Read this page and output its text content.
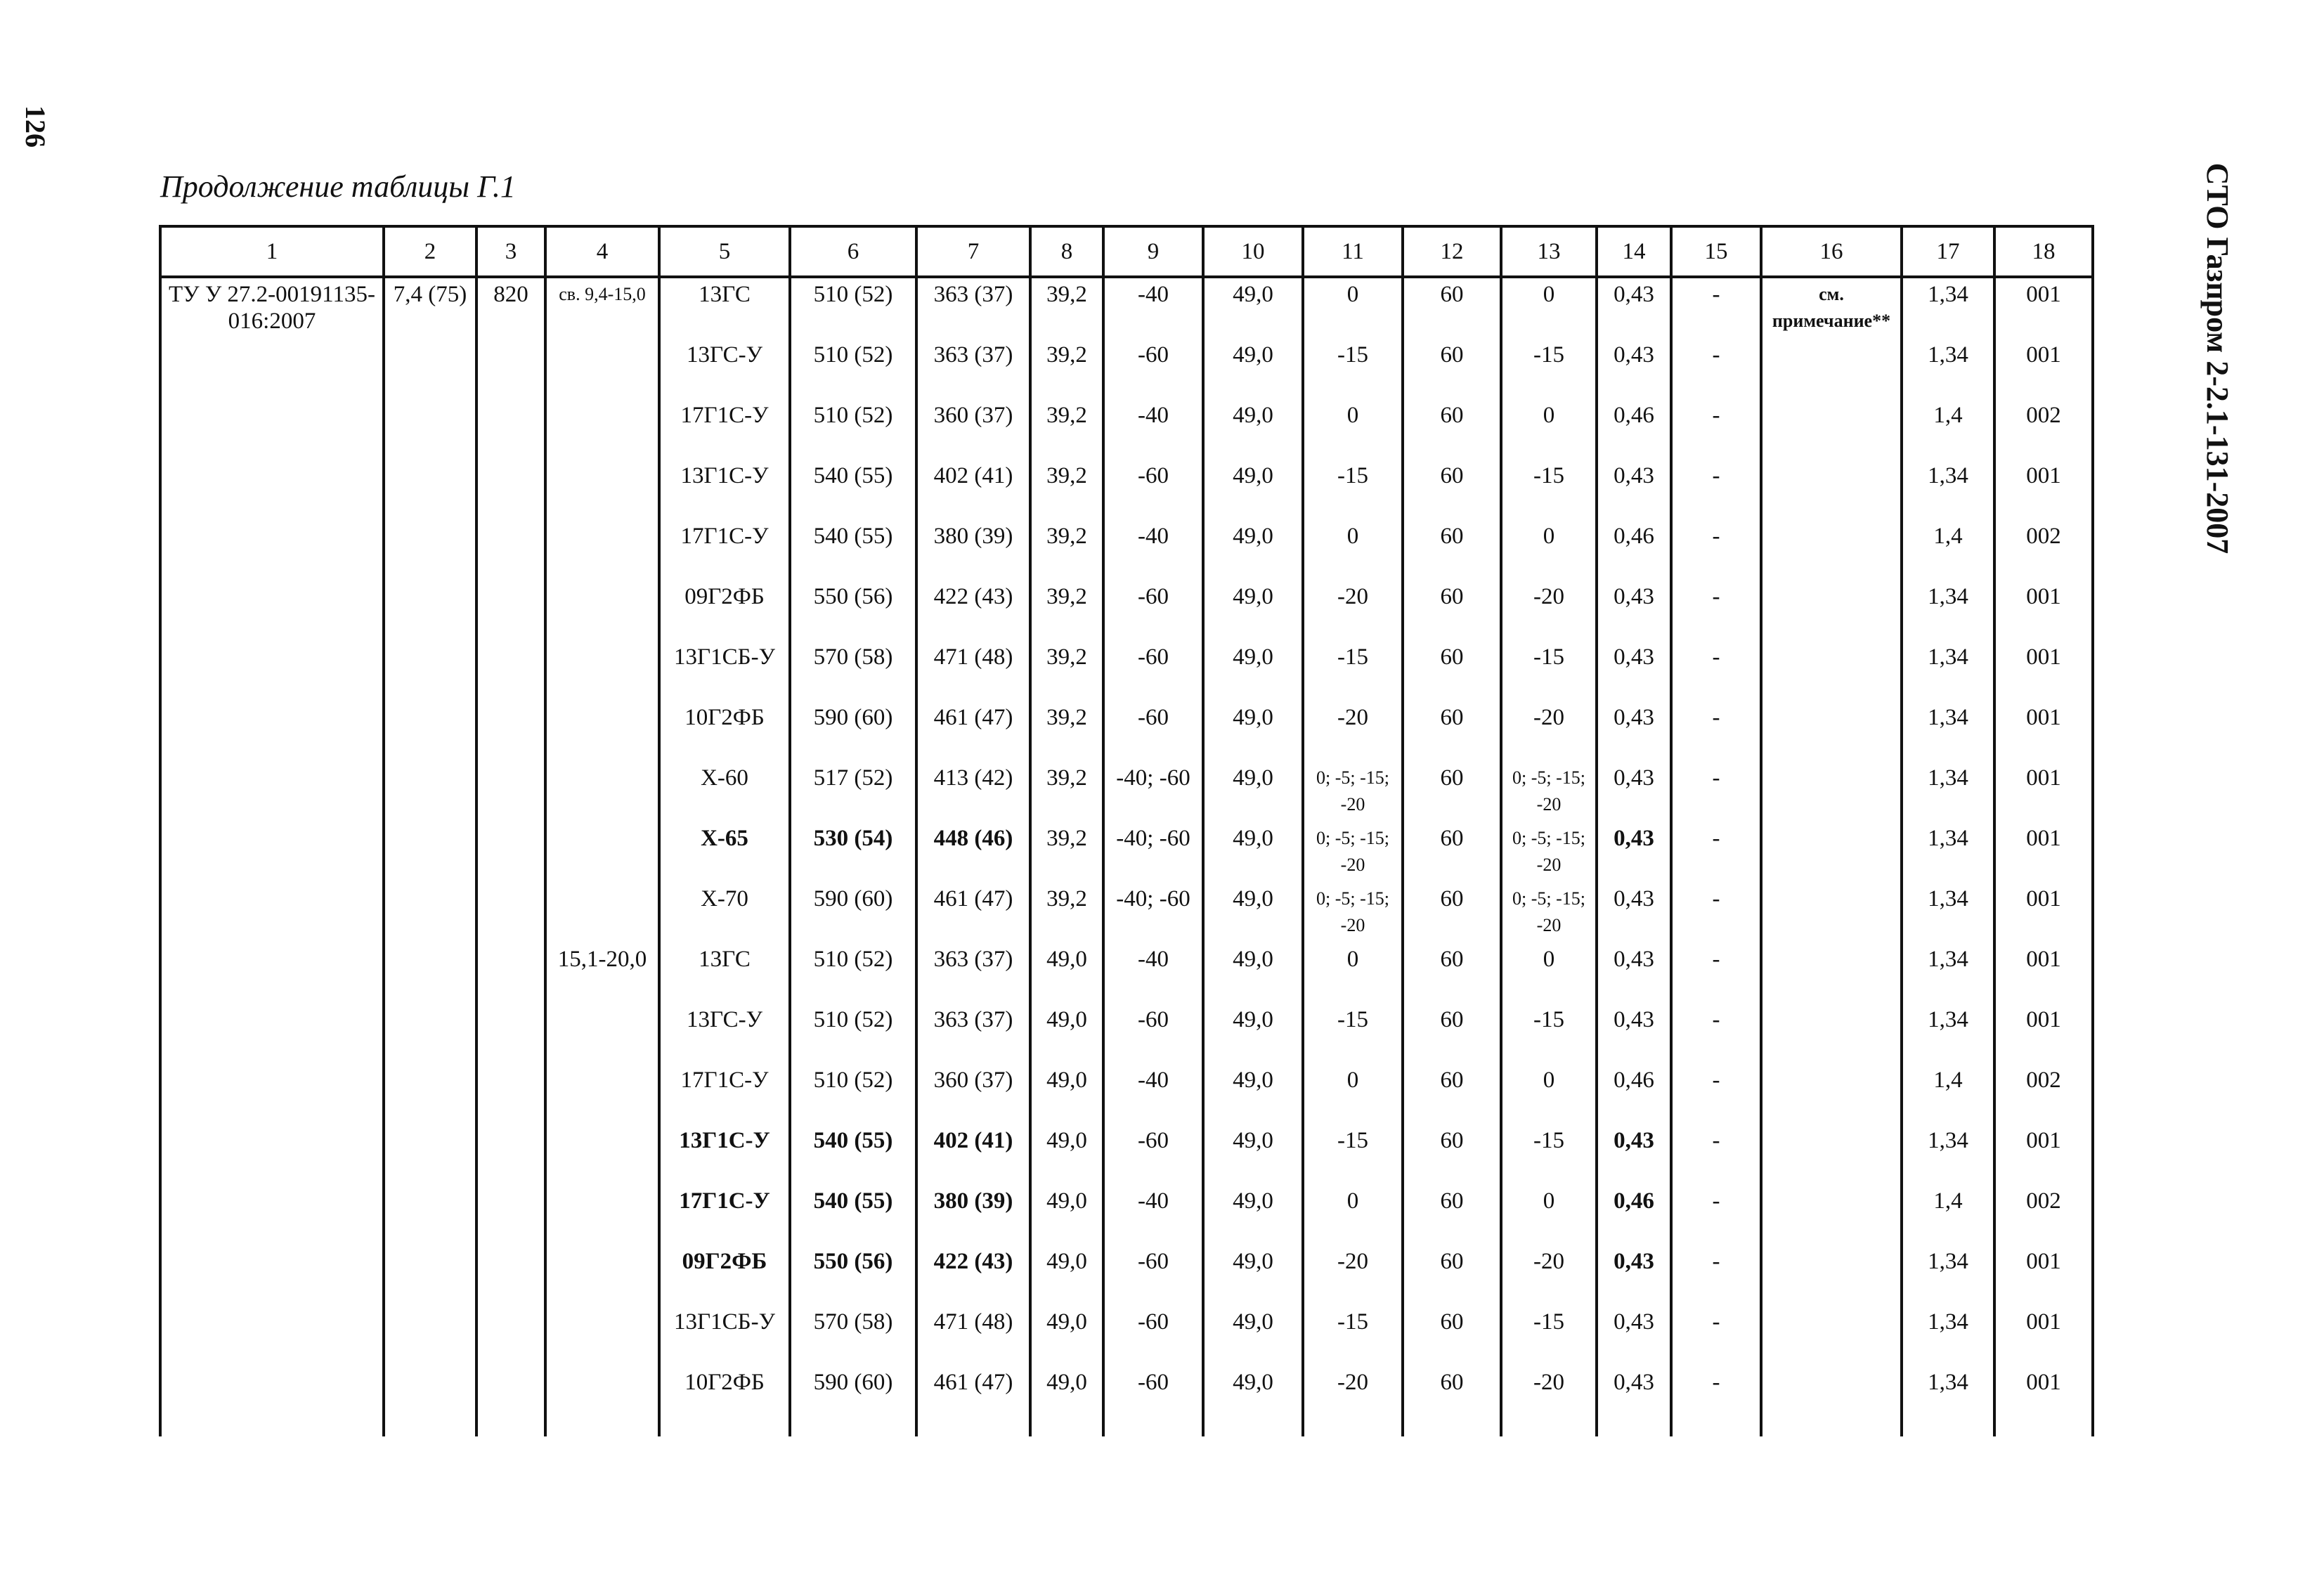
126
СТО Газпром 2-2.1-131-2007
Продолжение таблицы Г.1
1	2	3	4	5	6	7	8	9	10	11	12	13	14	15	16	17	18
ТУ У 27.2-00191135-016:2007	7,4 (75)	820	св. 9,4-15,0	13ГС	510 (52)	363 (37)	39,2	-40	49,0	0	60	0	0,43	-	см. примечание**	1,34	001
				13ГС-У	510 (52)	363 (37)	39,2	-60	49,0	-15	60	-15	0,43	-		1,34	001
				17Г1С-У	510 (52)	360 (37)	39,2	-40	49,0	0	60	0	0,46	-		1,4	002
				13Г1С-У	540 (55)	402 (41)	39,2	-60	49,0	-15	60	-15	0,43	-		1,34	001
				17Г1С-У	540 (55)	380 (39)	39,2	-40	49,0	0	60	0	0,46	-		1,4	002
				09Г2ФБ	550 (56)	422 (43)	39,2	-60	49,0	-20	60	-20	0,43	-		1,34	001
				13Г1СБ-У	570 (58)	471 (48)	39,2	-60	49,0	-15	60	-15	0,43	-		1,34	001
				10Г2ФБ	590 (60)	461 (47)	39,2	-60	49,0	-20	60	-20	0,43	-		1,34	001
				X-60	517 (52)	413 (42)	39,2	-40; -60	49,0	0; -5; -15; -20	60	0; -5; -15; -20	0,43	-		1,34	001
				X-65	530 (54)	448 (46)	39,2	-40; -60	49,0	0; -5; -15; -20	60	0; -5; -15; -20	0,43	-		1,34	001
				X-70	590 (60)	461 (47)	39,2	-40; -60	49,0	0; -5; -15; -20	60	0; -5; -15; -20	0,43	-		1,34	001
			15,1-20,0	13ГС	510 (52)	363 (37)	49,0	-40	49,0	0	60	0	0,43	-		1,34	001
				13ГС-У	510 (52)	363 (37)	49,0	-60	49,0	-15	60	-15	0,43	-		1,34	001
				17Г1С-У	510 (52)	360 (37)	49,0	-40	49,0	0	60	0	0,46	-		1,4	002
				13Г1С-У	540 (55)	402 (41)	49,0	-60	49,0	-15	60	-15	0,43	-		1,34	001
				17Г1С-У	540 (55)	380 (39)	49,0	-40	49,0	0	60	0	0,46	-		1,4	002
				09Г2ФБ	550 (56)	422 (43)	49,0	-60	49,0	-20	60	-20	0,43	-		1,34	001
				13Г1СБ-У	570 (58)	471 (48)	49,0	-60	49,0	-15	60	-15	0,43	-		1,34	001
				10Г2ФБ	590 (60)	461 (47)	49,0	-60	49,0	-20	60	-20	0,43	-		1,34	001
